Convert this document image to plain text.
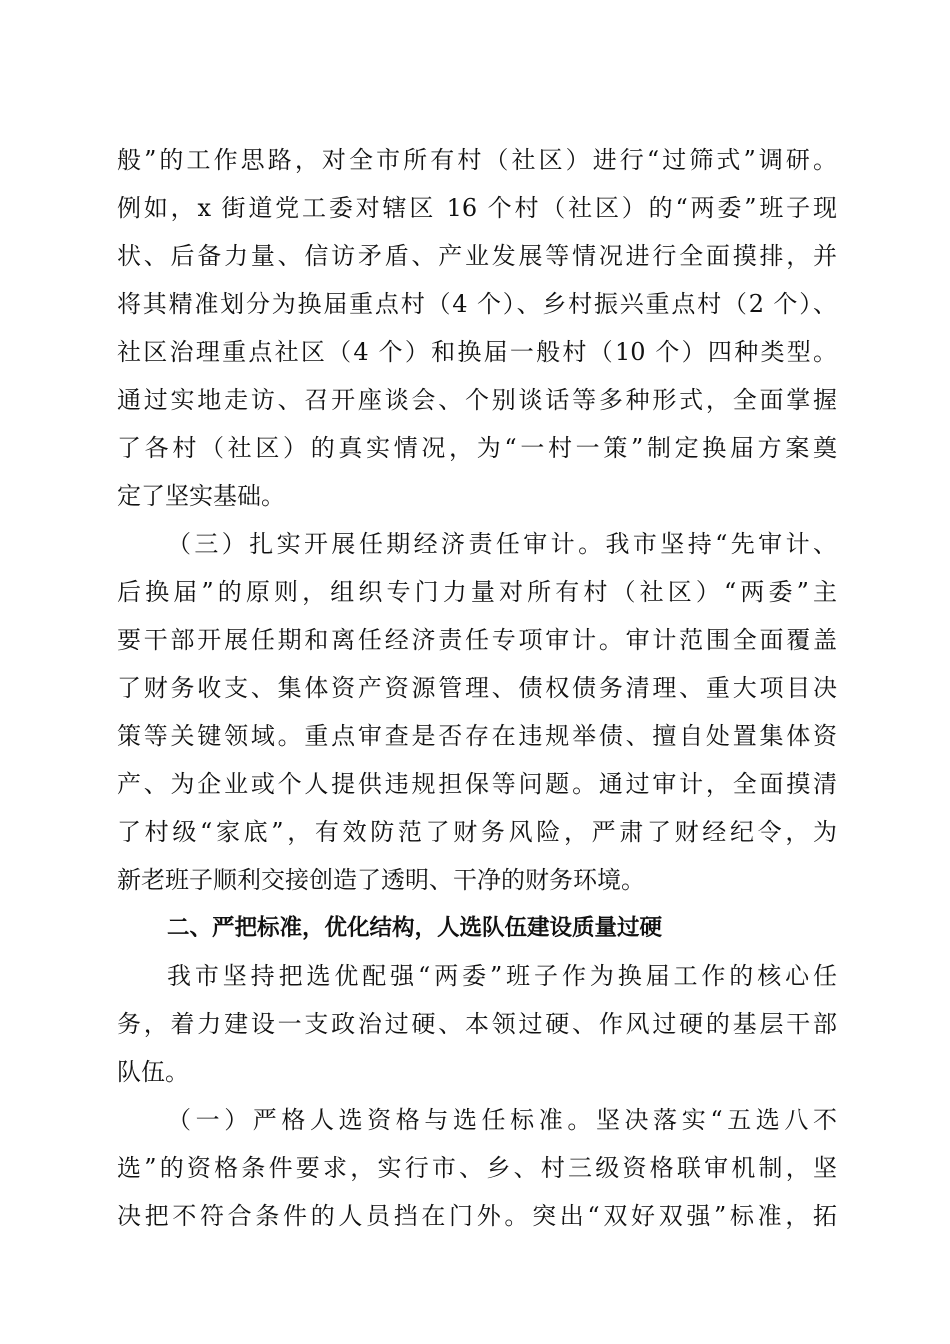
般”的工作思路，对全市所有村（社区）进行“过筛式”调研。
例如，x 街道党工委对辖区 16 个村（社区）的“两委”班子现
状、后备力量、信访矛盾、产业发展等情况进行全面摸排，并
将其精准划分为换届重点村（4 个）、乡村振兴重点村（2 个）、
社区治理重点社区（4 个）和换届一般村（10 个）四种类型。
通过实地走访、召开座谈会、个别谈话等多种形式，全面掌握
了各村（社区）的真实情况，为“一村一策”制定换届方案奠
定了坚实基础。
（三）扎实开展任期经济责任审计。我市坚持“先审计、
后换届”的原则，组织专门力量对所有村（社区）“两委”主
要干部开展任期和离任经济责任专项审计。审计范围全面覆盖
了财务收支、集体资产资源管理、债权债务清理、重大项目决
策等关键领域。重点审查是否存在违规举债、擅自处置集体资
产、为企业或个人提供违规担保等问题。通过审计，全面摸清
了村级“家底”，有效防范了财务风险，严肃了财经纪令，为
新老班子顺利交接创造了透明、干净的财务环境。
二、严把标准，优化结构，人选队伍建设质量过硬
我市坚持把选优配强“两委”班子作为换届工作的核心任
务，着力建设一支政治过硬、本领过硬、作风过硬的基层干部
队伍。
（一）严格人选资格与选任标准。坚决落实“五选八不
选”的资格条件要求，实行市、乡、村三级资格联审机制，坚
决把不符合条件的人员挡在门外。突出“双好双强”标准，拓
